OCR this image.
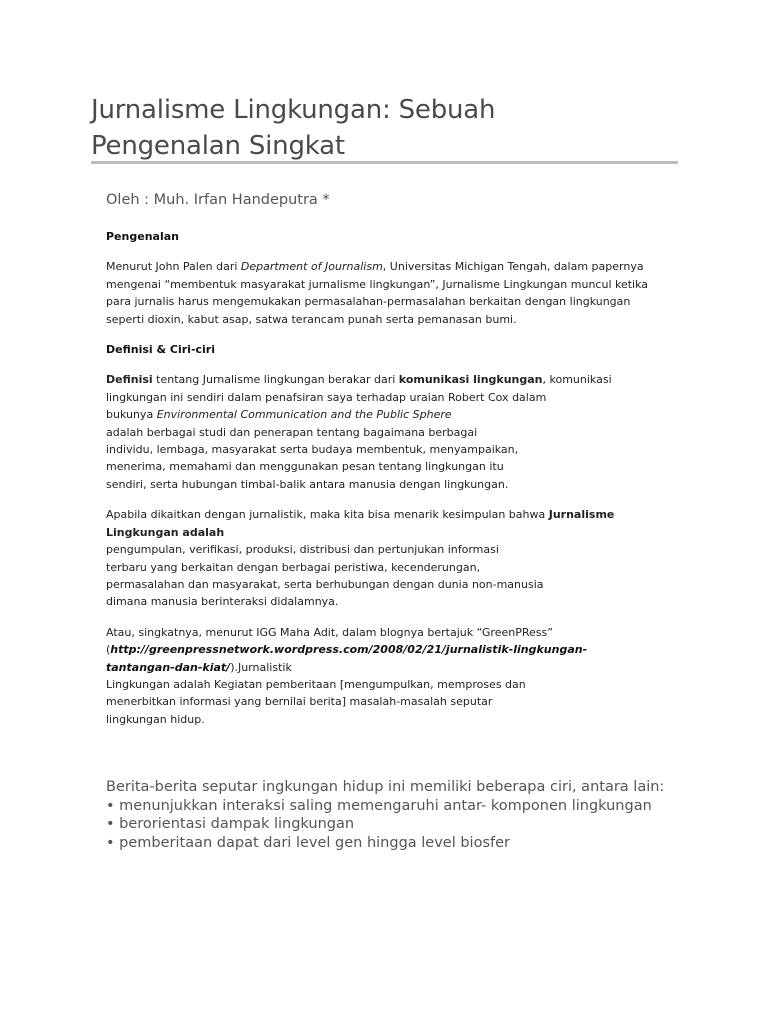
Jurnalisme Lingkungan: Sebuah
Pengenalan Singkat

Oleh : Muh. Irfan Handeputra *

Pengenalan

Menurut John Palen dari Department of Journalism, Universitas Michigan Tengah, dalam papernya
mengenai “membentuk masyarakat jurnalisme lingkungan”, Jurnalisme Lingkungan muncul ketika
para jurnalis harus mengemukakan permasalahan-permasalahan berkaitan dengan lingkungan
seperti dioxin, kabut asap, satwa terancam punah serta pemanasan bumi.

Definisi & Ciri-ciri

Definisi tentang Jurnalisme lingkungan berakar dari komunikasi lingkungan, komunikasi
lingkungan ini sendiri dalam penafsiran saya terhadap uraian Robert Cox dalam
bukunya Environmental Communication and the Public Sphere
adalah berbagai studi dan penerapan tentang bagaimana berbagai
individu, lembaga, masyarakat serta budaya membentuk, menyampaikan,
menerima, memahami dan menggunakan pesan tentang lingkungan itu
sendiri, serta hubungan timbal-balik antara manusia dengan lingkungan.

Apabila dikaitkan dengan jurnalistik, maka kita bisa menarik kesimpulan bahwa Jurnalisme
Lingkungan adalah
pengumpulan, verifikasi, produksi, distribusi dan pertunjukan informasi
terbaru yang berkaitan dengan berbagai peristiwa, kecenderungan,
permasalahan dan masyarakat, serta berhubungan dengan dunia non-manusia
dimana manusia berinteraksi didalamnya.

Atau, singkatnya, menurut IGG Maha Adit, dalam blognya bertajuk “GreenPRess”
(http://greenpressnetwork.wordpress.com/2008/02/21/jurnalistik-lingkungan-
tantangan-dan-kiat/).Jurnalistik
Lingkungan adalah Kegiatan pemberitaan [mengumpulkan, memproses dan
menerbitkan informasi yang bernilai berita] masalah-masalah seputar
lingkungan hidup.

Berita-berita seputar ingkungan hidup ini memiliki beberapa ciri, antara lain:
• menunjukkan interaksi saling memengaruhi antar- komponen lingkungan
• berorientasi dampak lingkungan
• pemberitaan dapat dari level gen hingga level biosfer
